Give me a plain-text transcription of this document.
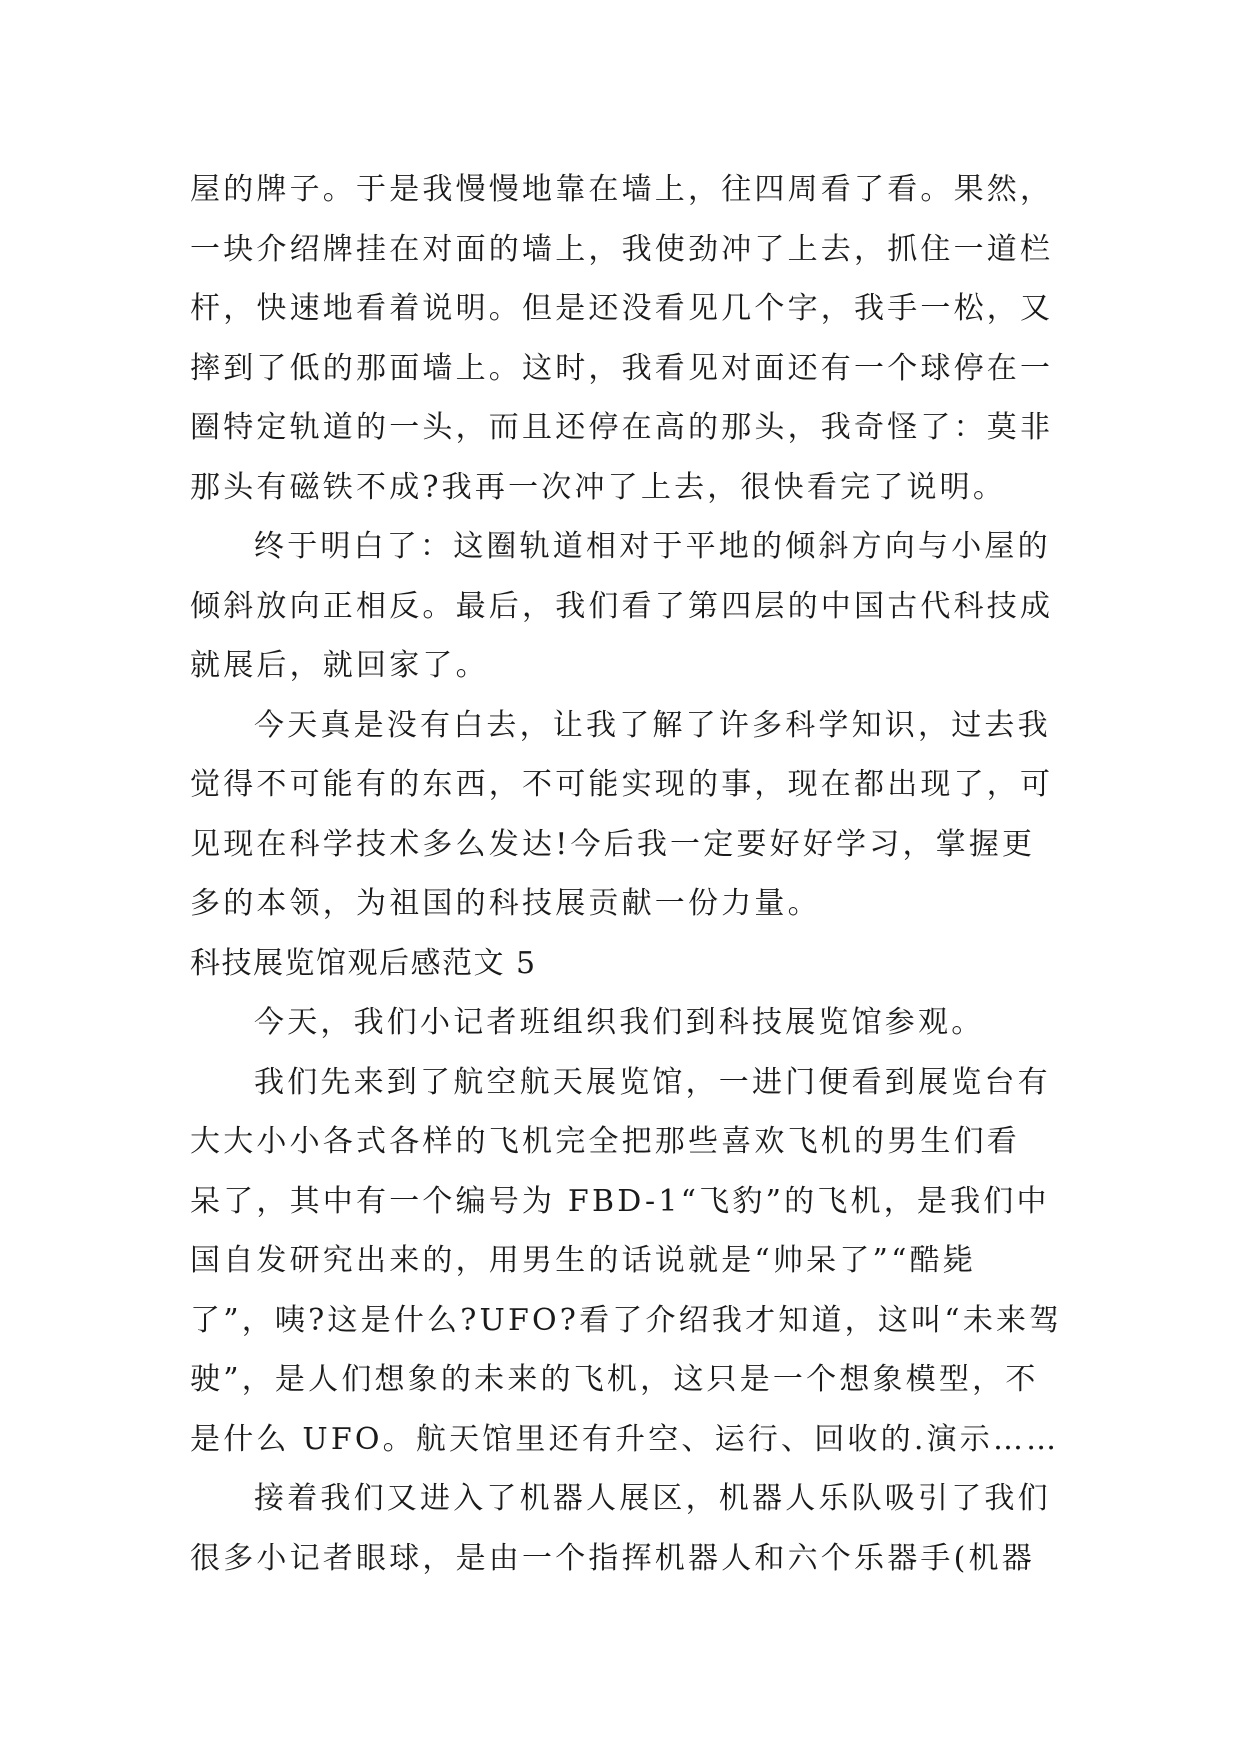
屋的牌子。于是我慢慢地靠在墙上，往四周看了看。果然，
一块介绍牌挂在对面的墙上，我使劲冲了上去，抓住一道栏
杆，快速地看着说明。但是还没看见几个字，我手一松，又
摔到了低的那面墙上。这时，我看见对面还有一个球停在一
圈特定轨道的一头，而且还停在高的那头，我奇怪了：莫非
那头有磁铁不成?我再一次冲了上去，很快看完了说明。
终于明白了：这圈轨道相对于平地的倾斜方向与小屋的
倾斜放向正相反。最后，我们看了第四层的中国古代科技成
就展后，就回家了。
今天真是没有白去，让我了解了许多科学知识，过去我
觉得不可能有的东西，不可能实现的事，现在都出现了，可
见现在科学技术多么发达!今后我一定要好好学习，掌握更
多的本领，为祖国的科技展贡献一份力量。
科技展览馆观后感范文 5
今天，我们小记者班组织我们到科技展览馆参观。
我们先来到了航空航天展览馆，一进门便看到展览台有
大大小小各式各样的飞机完全把那些喜欢飞机的男生们看
呆了，其中有一个编号为 FBD-1“飞豹”的飞机，是我们中
国自发研究出来的，用男生的话说就是“帅呆了”“酷毙
了”，咦?这是什么?UFO?看了介绍我才知道，这叫“未来驾
驶”，是人们想象的未来的飞机，这只是一个想象模型，不
是什么 UFO。航天馆里还有升空、运行、回收的.演示……
接着我们又进入了机器人展区，机器人乐队吸引了我们
很多小记者眼球，是由一个指挥机器人和六个乐器手(机器
